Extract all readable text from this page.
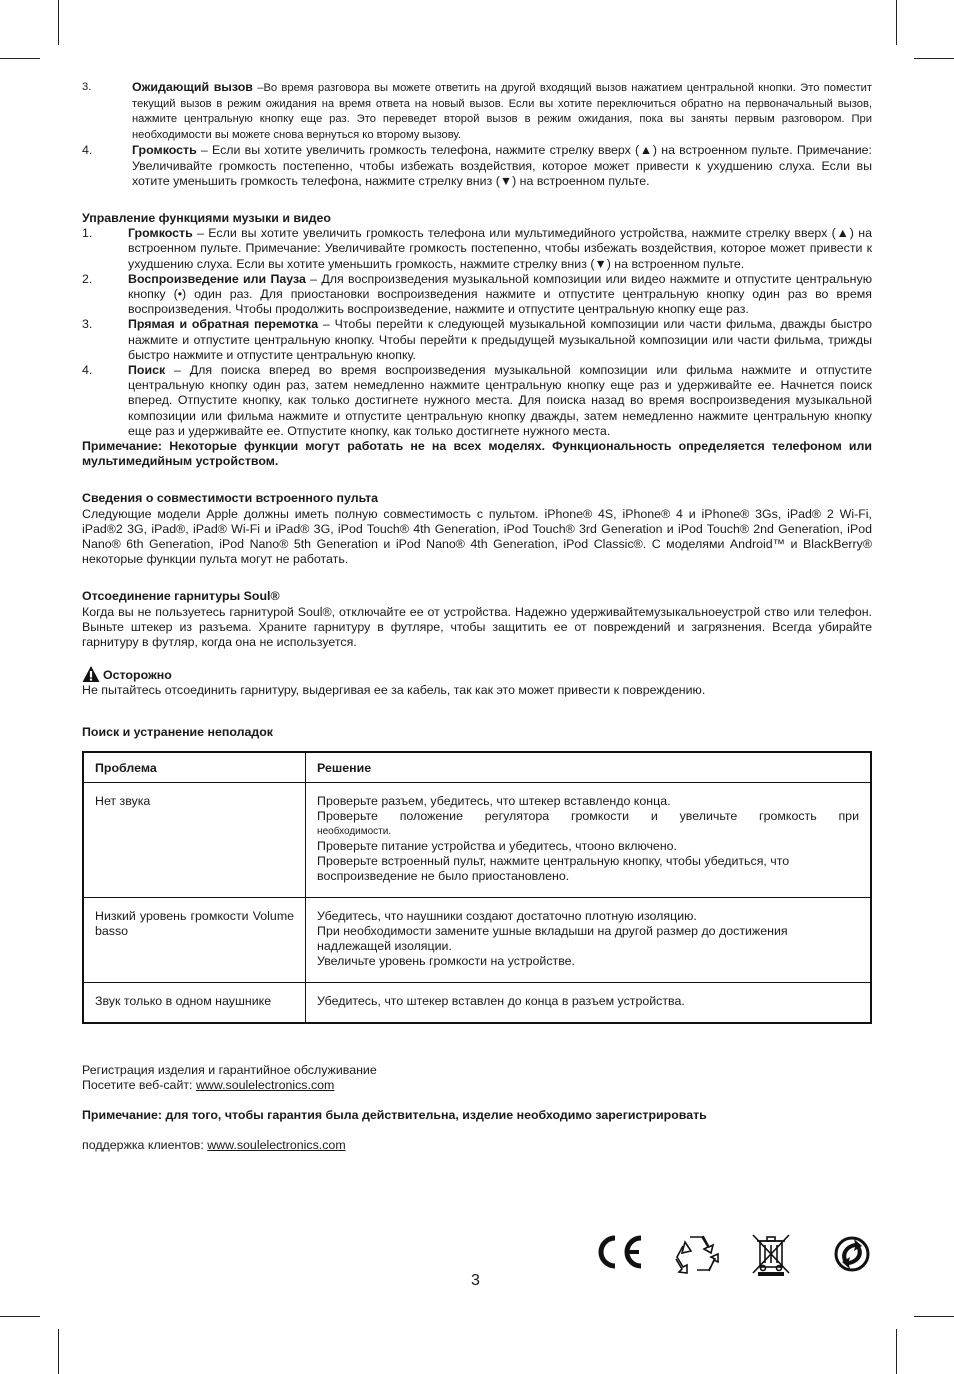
3.	Ожидающий вызов –Во время разговора вы можете ответить на другой входящий вызов нажатием центральной кнопки. Это поместит текущий вызов в режим ожидания на время ответа на новый вызов. Если вы хотите переключиться обратно на первоначальный вызов, нажмите центральную кнопку еще раз. Это переведет второй вызов в режим ожидания, пока вы заняты первым разговором. При необходимости вы можете снова вернуться ко второму вызову.
4.	Громкость – Если вы хотите увеличить громкость телефона, нажмите стрелку вверх (▲) на встроенном пульте. Примечание: Увеличивайте громкость постепенно, чтобы избежать воздействия, которое может привести к ухудшению слуха. Если вы хотите уменьшить громкость телефона, нажмите стрелку вниз (▼) на встроенном пульте.
Управление функциями музыки и видео
1.	Громкость – Если вы хотите увеличить громкость телефона или мультимедийного устройства, нажмите стрелку вверх (▲) на встроенном пульте. Примечание: Увеличивайте громкость постепенно, чтобы избежать воздействия, которое может привести к ухудшению слуха. Если вы хотите уменьшить громкость, нажмите стрелку вниз (▼) на встроенном пульте.
2.	Воспроизведение или Пауза – Для воспроизведения музыкальной композиции или видео нажмите и отпустите центральную кнопку (•) один раз. Для приостановки воспроизведения нажмите и отпустите центральную кнопку один раз во время воспроизведения. Чтобы продолжить воспроизведение, нажмите и отпустите центральную кнопку еще раз.
3.	Прямая и обратная перемотка – Чтобы перейти к следующей музыкальной композиции или части фильма, дважды быстро нажмите и отпустите центральную кнопку. Чтобы перейти к предыдущей музыкальной композиции или части фильма, трижды быстро нажмите и отпустите центральную кнопку.
4.	Поиск – Для поиска вперед во время воспроизведения музыкальной композиции или фильма нажмите и отпустите центральную кнопку один раз, затем немедленно нажмите центральную кнопку еще раз и удерживайте ее. Начнется поиск вперед. Отпустите кнопку, как только достигнете нужного места. Для поиска назад во время воспроизведения музыкальной композиции или фильма нажмите и отпустите центральную кнопку дважды, затем немедленно нажмите центральную кнопку еще раз и удерживайте ее. Отпустите кнопку, как только достигнете нужного места.
Примечание: Некоторые функции могут работать не на всех моделях. Функциональность определяется телефоном или мультимедийным устройством.
Сведения о совместимости встроенного пульта
Следующие модели Apple должны иметь полную совместимость с пультом. iPhone® 4S, iPhone® 4 и iPhone® 3Gs, iPad® 2 Wi-Fi, iPad®2 3G, iPad®, iPad® Wi-Fi и iPad® 3G, iPod Touch® 4th Generation, iPod Touch® 3rd Generation и iPod Touch® 2nd Generation, iPod Nano® 6th Generation, iPod Nano® 5th Generation и iPod Nano® 4th Generation, iPod Classic®. С моделями Android™ и BlackBerry® некоторые функции пульта могут не работать.
Отсоединение гарнитуры Soul®
Когда вы не пользуетесь гарнитурой Soul®, отключайте ее от устройства. Надежно удерживайтемузыкальноеустрой ство или телефон. Выньте штекер из разъема. Храните гарнитуру в футляре, чтобы защитить ее от повреждений и загрязнения. Всегда убирайте гарнитуру в футляр, когда она не используется.
Осторожно
Не пытайтесь отсоединить гарнитуру, выдергивая ее за кабель, так как это может привести к повреждению.
Поиск и устранение неполадок
Проблема	Решение
Нет звука	Проверьте разъем, убедитесь, что штекер вставлендо конца.
Проверьте положение регулятора громкости и увеличьте громкость при
необходимости.
Проверьте питание устройства и убедитесь, чтооно включено.
Проверьте встроенный пульт, нажмите центральную кнопку, чтобы убедиться, что воспроизведение не было приостановлено.

Низкий уровень громкости Volume basso	Убедитесь, что наушники создают достаточно плотную изоляцию.
При необходимости замените ушные вкладыши на другой размер до достижения надлежащей изоляции.
Увеличьте уровень громкости на устройстве.

Звук только в одном наушнике	Убедитесь, что штекер вставлен до конца в разъем устройства.
Регистрация изделия и гарантийное обслуживание
Посетите веб-сайт: www.soulelectronics.com
Примечание: для того, чтобы гарантия была действительна, изделие необходимо зарегистрировать
поддержка клиентов: www.soulelectronics.com
3
